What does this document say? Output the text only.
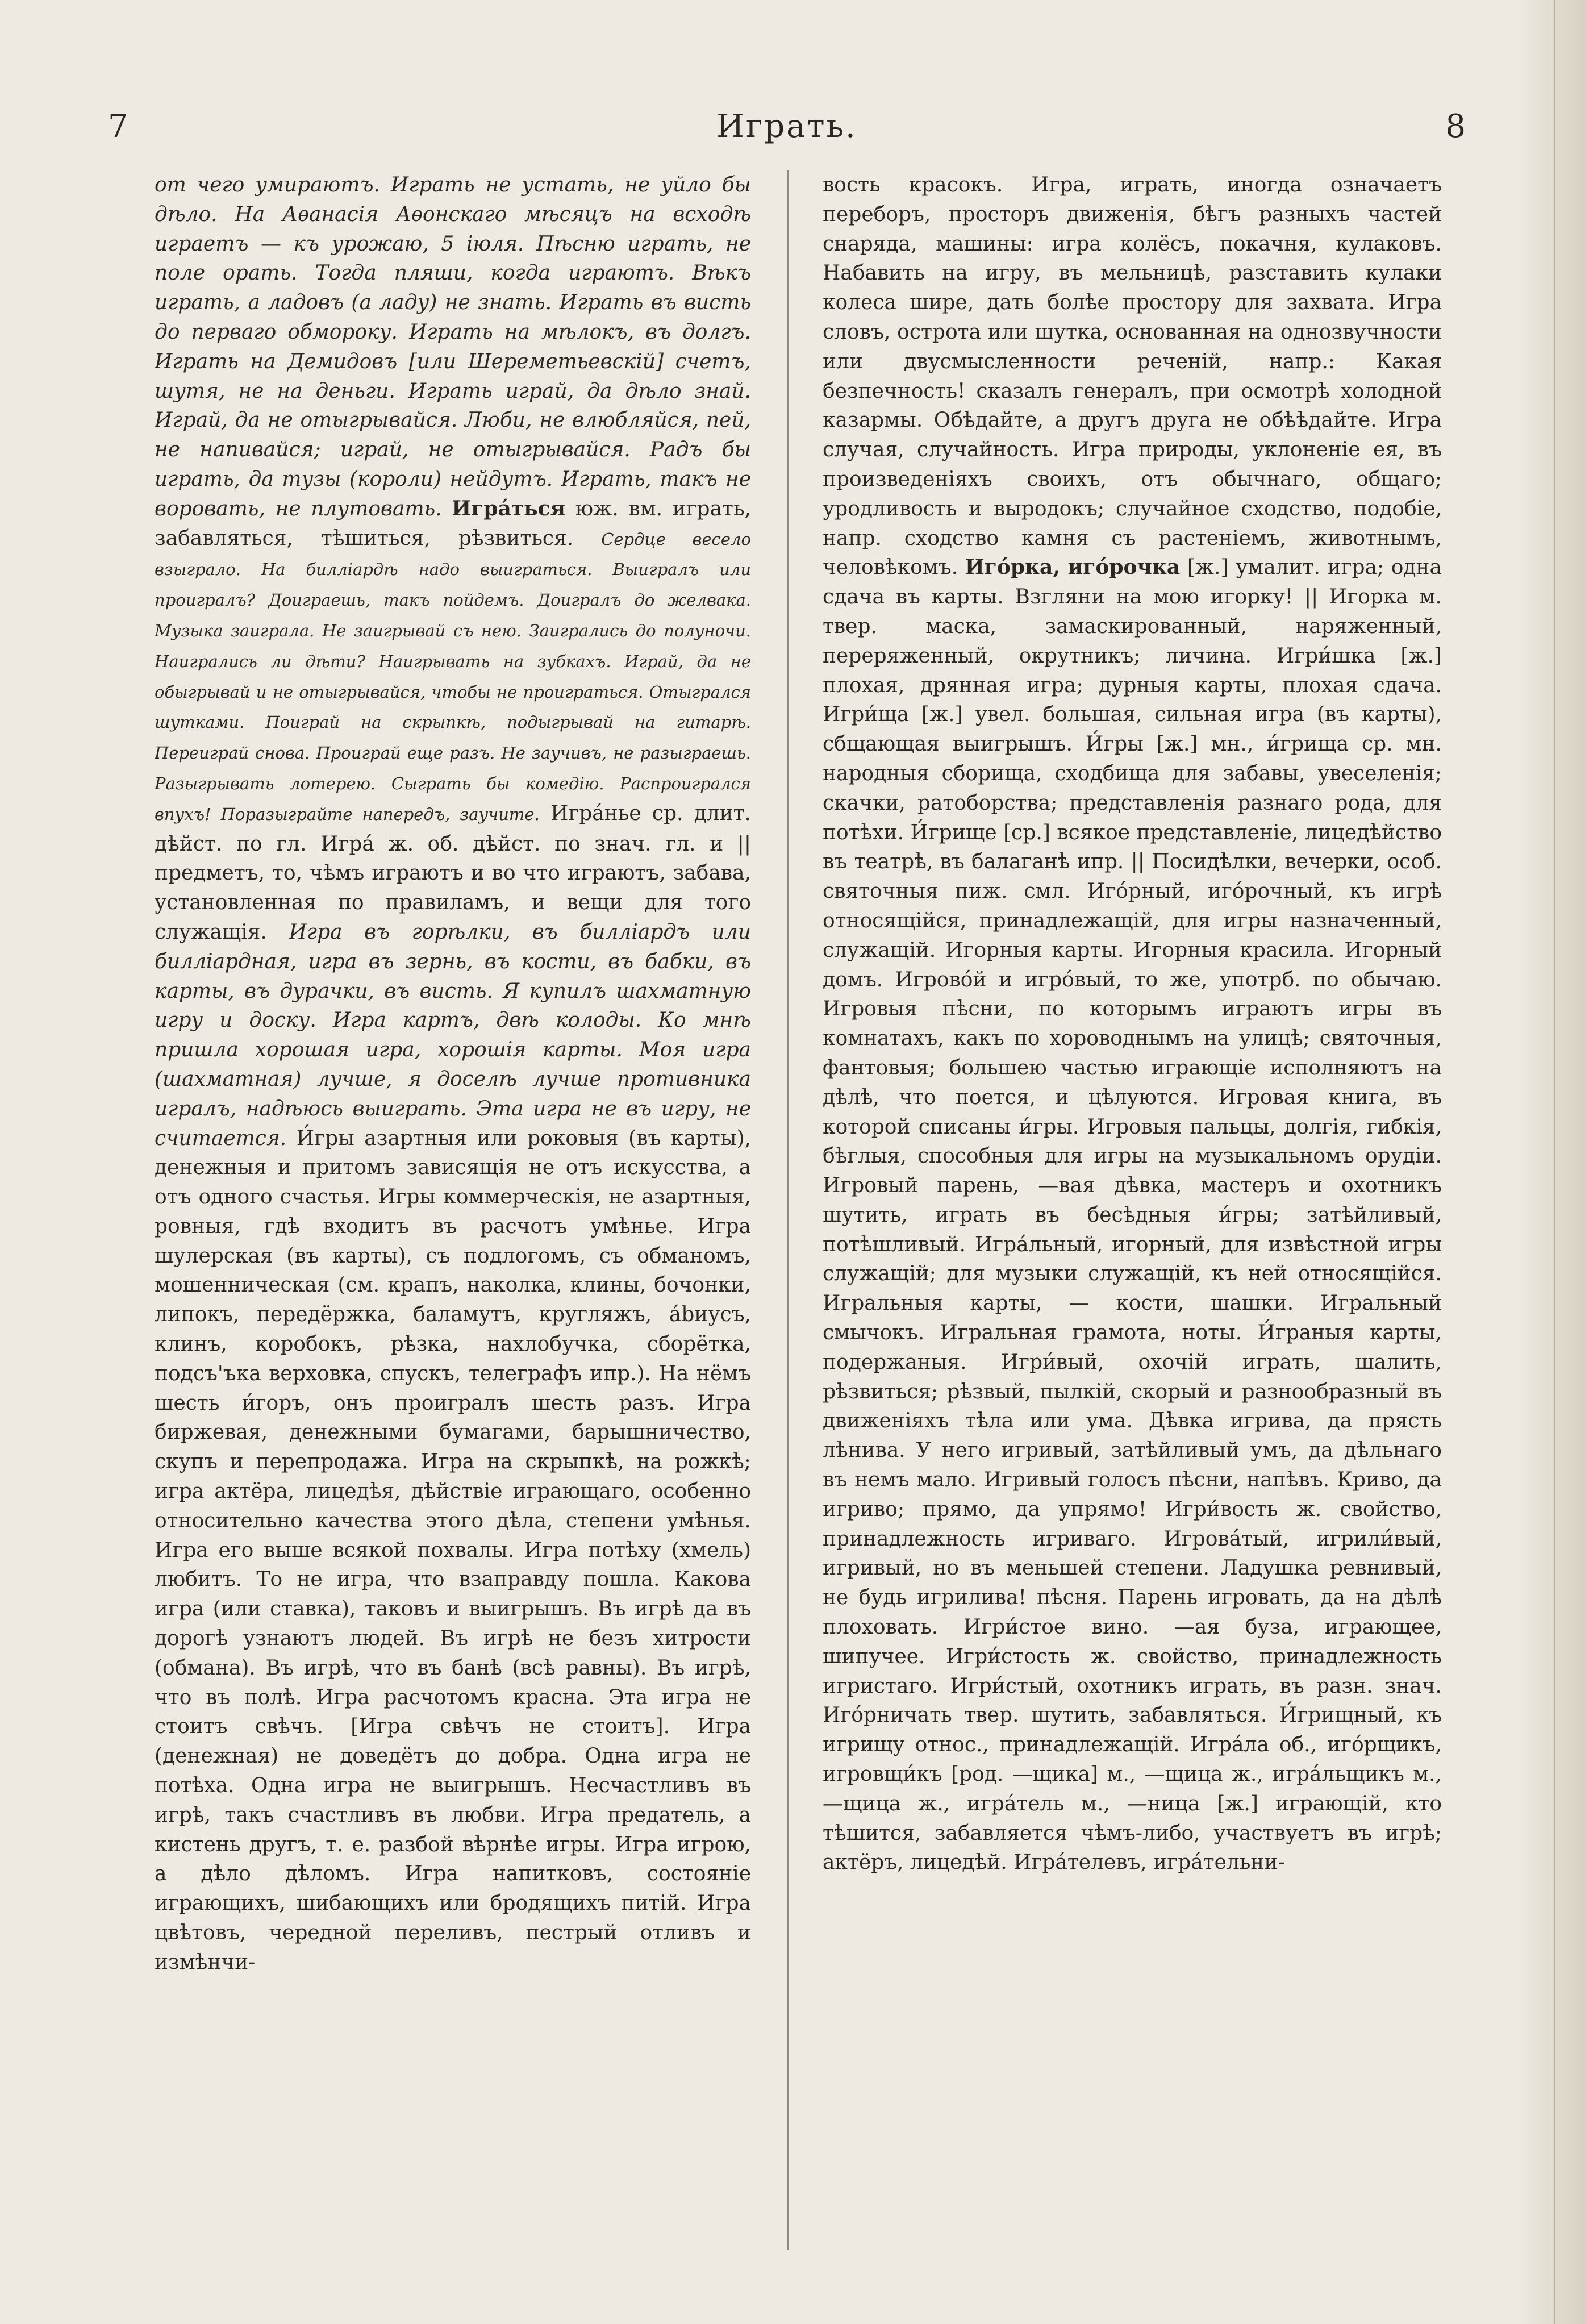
7	Играть.	8

от чего умираютъ. Играть не устать, не уйло бы дѣло. На Аѳанасія Аѳонскаго мѣсяцъ на всходѣ играетъ — къ урожаю, 5 іюля. Пѣсню играть, не поле орать. Тогда пляши, когда играютъ. Вѣкъ играть, а ладовъ (а ладу) не знать. Играть въ висть до перваго обмороку. Играть на мѣлокъ, въ долгъ. Играть на Демидовъ [или Шереметьевскій] счетъ, шутя, не на деньги. Играть играй, да дѣло знай. Играй, да не отыгрывайся. Люби, не влюбляйся, пей, не напивайся; играй, не отыгрывайся. Радъ бы играть, да тузы (короли) нейдутъ. Играть, такъ не воровать, не плутовать. Игра́ться юж. вм. играть, забавляться, тѣшиться, рѣзвиться. Сердце весело взыграло. На билліардѣ надо выиграться. Выигралъ или проигралъ? Доиграешь, такъ пойдемъ. Доигралъ до желвака. Музыка заиграла. Не заигрывай съ нею. Заигрались до полуночи. Наигрались ли дѣти? Наигрывать на зубкахъ. Играй, да не обыгрывай и не отыгрывайся, чтобы не проиграться. Отыгрался шутками. Поиграй на скрыпкѣ, подыгрывай на гитарѣ. Переиграй снова. Проиграй еще разъ. Не заучивъ, не разыграешь. Разыгрывать лотерею. Сыграть бы комедію. Распроигрался впухъ! Поразыграйте напередъ, заучите. Игра́нье ср. длит. дѣйст. по гл. Игра́ ж. об. дѣйст. по знач. гл. и || предметъ, то, чѣмъ играютъ и во что играютъ, забава, установленная по правиламъ, и вещи для того служащія. Игра въ горѣлки, въ билліардъ или билліардная, игра въ зернь, въ кости, въ бабки, въ карты, въ дурачки, въ висть. Я купилъ шахматную игру и доску. Игра картъ, двѣ колоды. Ко мнѣ пришла хорошая игра, хорошія карты. Моя игра (шахматная) лучше, я доселѣ лучше противника игралъ, надѣюсь выиграть. Эта игра не въ игру, не считается. И́гры азартныя или роковыя (въ карты), денежныя и притомъ зависящія не отъ искусства, а отъ одного счастья. Игры коммерческія, не азартныя, ровныя, гдѣ входитъ въ расчотъ умѣнье. Игра шулерская (въ карты), съ подлогомъ, съ обманомъ, мошенническая (см. крапъ, наколка, клины, бочонки, липокъ, передёржка, баламутъ, кругляжъ, ábиусъ, клинъ, коробокъ, рѣзка, нахлобучка, сборётка, подсъ'ъка верховка, спускъ, телеграфъ ипр.). На нёмъ шесть и́горъ, онъ проигралъ шесть разъ. Игра биржевая, денежными бумагами, барышничество, скупъ и перепродажа. Игра на скрыпкѣ, на рожкѣ; игра актёра, лицедѣя, дѣйствіе играющаго, особенно относительно качества этого дѣла, степени умѣнья. Игра его выше всякой похвалы. Игра потѣху (хмель) любитъ. То не игра, что взаправду пошла. Какова игра (или ставка), таковъ и выигрышъ. Въ игрѣ да въ дорогѣ узнаютъ людей. Въ игрѣ не безъ хитрости (обмана). Въ игрѣ, что въ банѣ (всѣ равны). Въ игрѣ, что въ полѣ. Игра расчотомъ красна. Эта игра не стоитъ свѣчъ. [Игра свѣчъ не стоитъ]. Игра (денежная) не доведётъ до добра. Одна игра не потѣха. Одна игра не выигрышъ. Несчастливъ въ игрѣ, такъ счастливъ въ любви. Игра предатель, а кистень другъ, т. е. разбой вѣрнѣе игры. Игра игрою, а дѣло дѣломъ. Игра напитковъ, состояніе играющихъ, шибающихъ или бродящихъ питій. Игра цвѣтовъ, чередной переливъ, пестрый отливъ и измѣнчи-

вость красокъ. Игра, играть, иногда означаетъ переборъ, просторъ движенія, бѣгъ разныхъ частей снаряда, машины: игра колёсъ, покачня, кулаковъ. Набавить на игру, въ мельницѣ, разставить кулаки колеса шире, дать болѣе простору для захвата. Игра словъ, острота или шутка, основанная на однозвучности или двусмысленности речeній, напр.: Какая безпечность! сказалъ генералъ, при осмотрѣ холодной казармы. Обѣдайте, а другъ друга не обѣѣдайте. Игра случая, случайность. Игра природы, уклоненіе ея, въ произведеніяхъ своихъ, отъ обычнаго, общаго; уродливость и выродокъ; случайное сходство, подобіе, напр. сходство камня съ растеніемъ, животнымъ, человѣкомъ. Иго́рка, иго́рочка [ж.] умалит. игра; одна сдача въ карты. Взгляни на мою игорку! || Игорка м. твер. маска, замаскированный, наряженный, переряженный, окрутникъ; личина. Игри́шка [ж.] плохая, дрянная игра; дурныя карты, плохая сдача. Игри́ща [ж.] увел. большая, сильная игра (въ карты), сбщающая выигрышъ. И́гры [ж.] мн., и́грища ср. мн. народныя сборища, сходбища для забавы, увеселенія; скачки, ратоборства; представленія разнаго рода, для потѣхи. И́грище [ср.] всякое представленіе, лицедѣйство въ театрѣ, въ балаганѣ ипр. || Посидѣлки, вечерки, особ. святочныя пиж. смл. Иго́рный, иго́рочный, къ игрѣ относящійся, принадлежащій, для игры назначенный, служащій. Игорныя карты. Игорныя красила. Игорный домъ. Игрово́й и игро́вый, то же, употрб. по обычаю. Игровыя пѣсни, по которымъ играютъ игры въ комнатахъ, какъ по хороводнымъ на улицѣ; святочныя, фантовыя; большею частью играющіе исполняютъ на дѣлѣ, что поется, и цѣлуются. Игровая книга, въ которой списаны и́гры. Игровыя пальцы, долгія, гибкія, бѣглыя, способныя для игры на музыкальномъ орудіи. Игровый парень, —вая дѣвка, мастеръ и охотникъ шутить, играть въ бесѣдныя и́гры; затѣйливый, потѣшливый. Игра́льный, игорный, для извѣстной игры служащій; для музыки служащій, къ ней относящійся. Игральныя карты, — кости, шашки. Игральный смычокъ. Игральная грамота, ноты. И́граныя карты, подержаныя. Игри́вый, охочій играть, шалить, рѣзвиться; рѣзвый, пылкій, скорый и разнообразный въ движеніяхъ тѣла или ума. Дѣвка игрива, да прясть лѣнива. У него игривый, затѣйливый умъ, да дѣльнаго въ немъ мало. Игривый голосъ пѣсни, напѣвъ. Криво, да игриво; прямо, да упрямо! Игри́вость ж. свойство, принадлежность игриваго. Игрова́тый, игрили́вый, игривый, но въ меньшей степени. Ладушка ревнивый, не будь игрилива! пѣсня. Парень игровать, да на дѣлѣ плоховать. Игри́стое вино. —ая буза, играющее, шипучее. Игри́стость ж. свойство, принадлежность игристаго. Игри́стый, охотникъ играть, въ разн. знач. Иго́рничать твер. шутить, забавляться. И́грищный, къ игрищу относ., принадлежащій. Игра́ла об., иго́рщикъ, игровщи́къ [род. —щика] м., —щица ж., игра́льщикъ м., —щица ж., игра́тель м., —ница [ж.] играющій, кто тѣшится, забавляется чѣмъ-либо, участвуетъ въ игрѣ; актёръ, лицедѣй. Игра́телевъ, игра́тельни-
